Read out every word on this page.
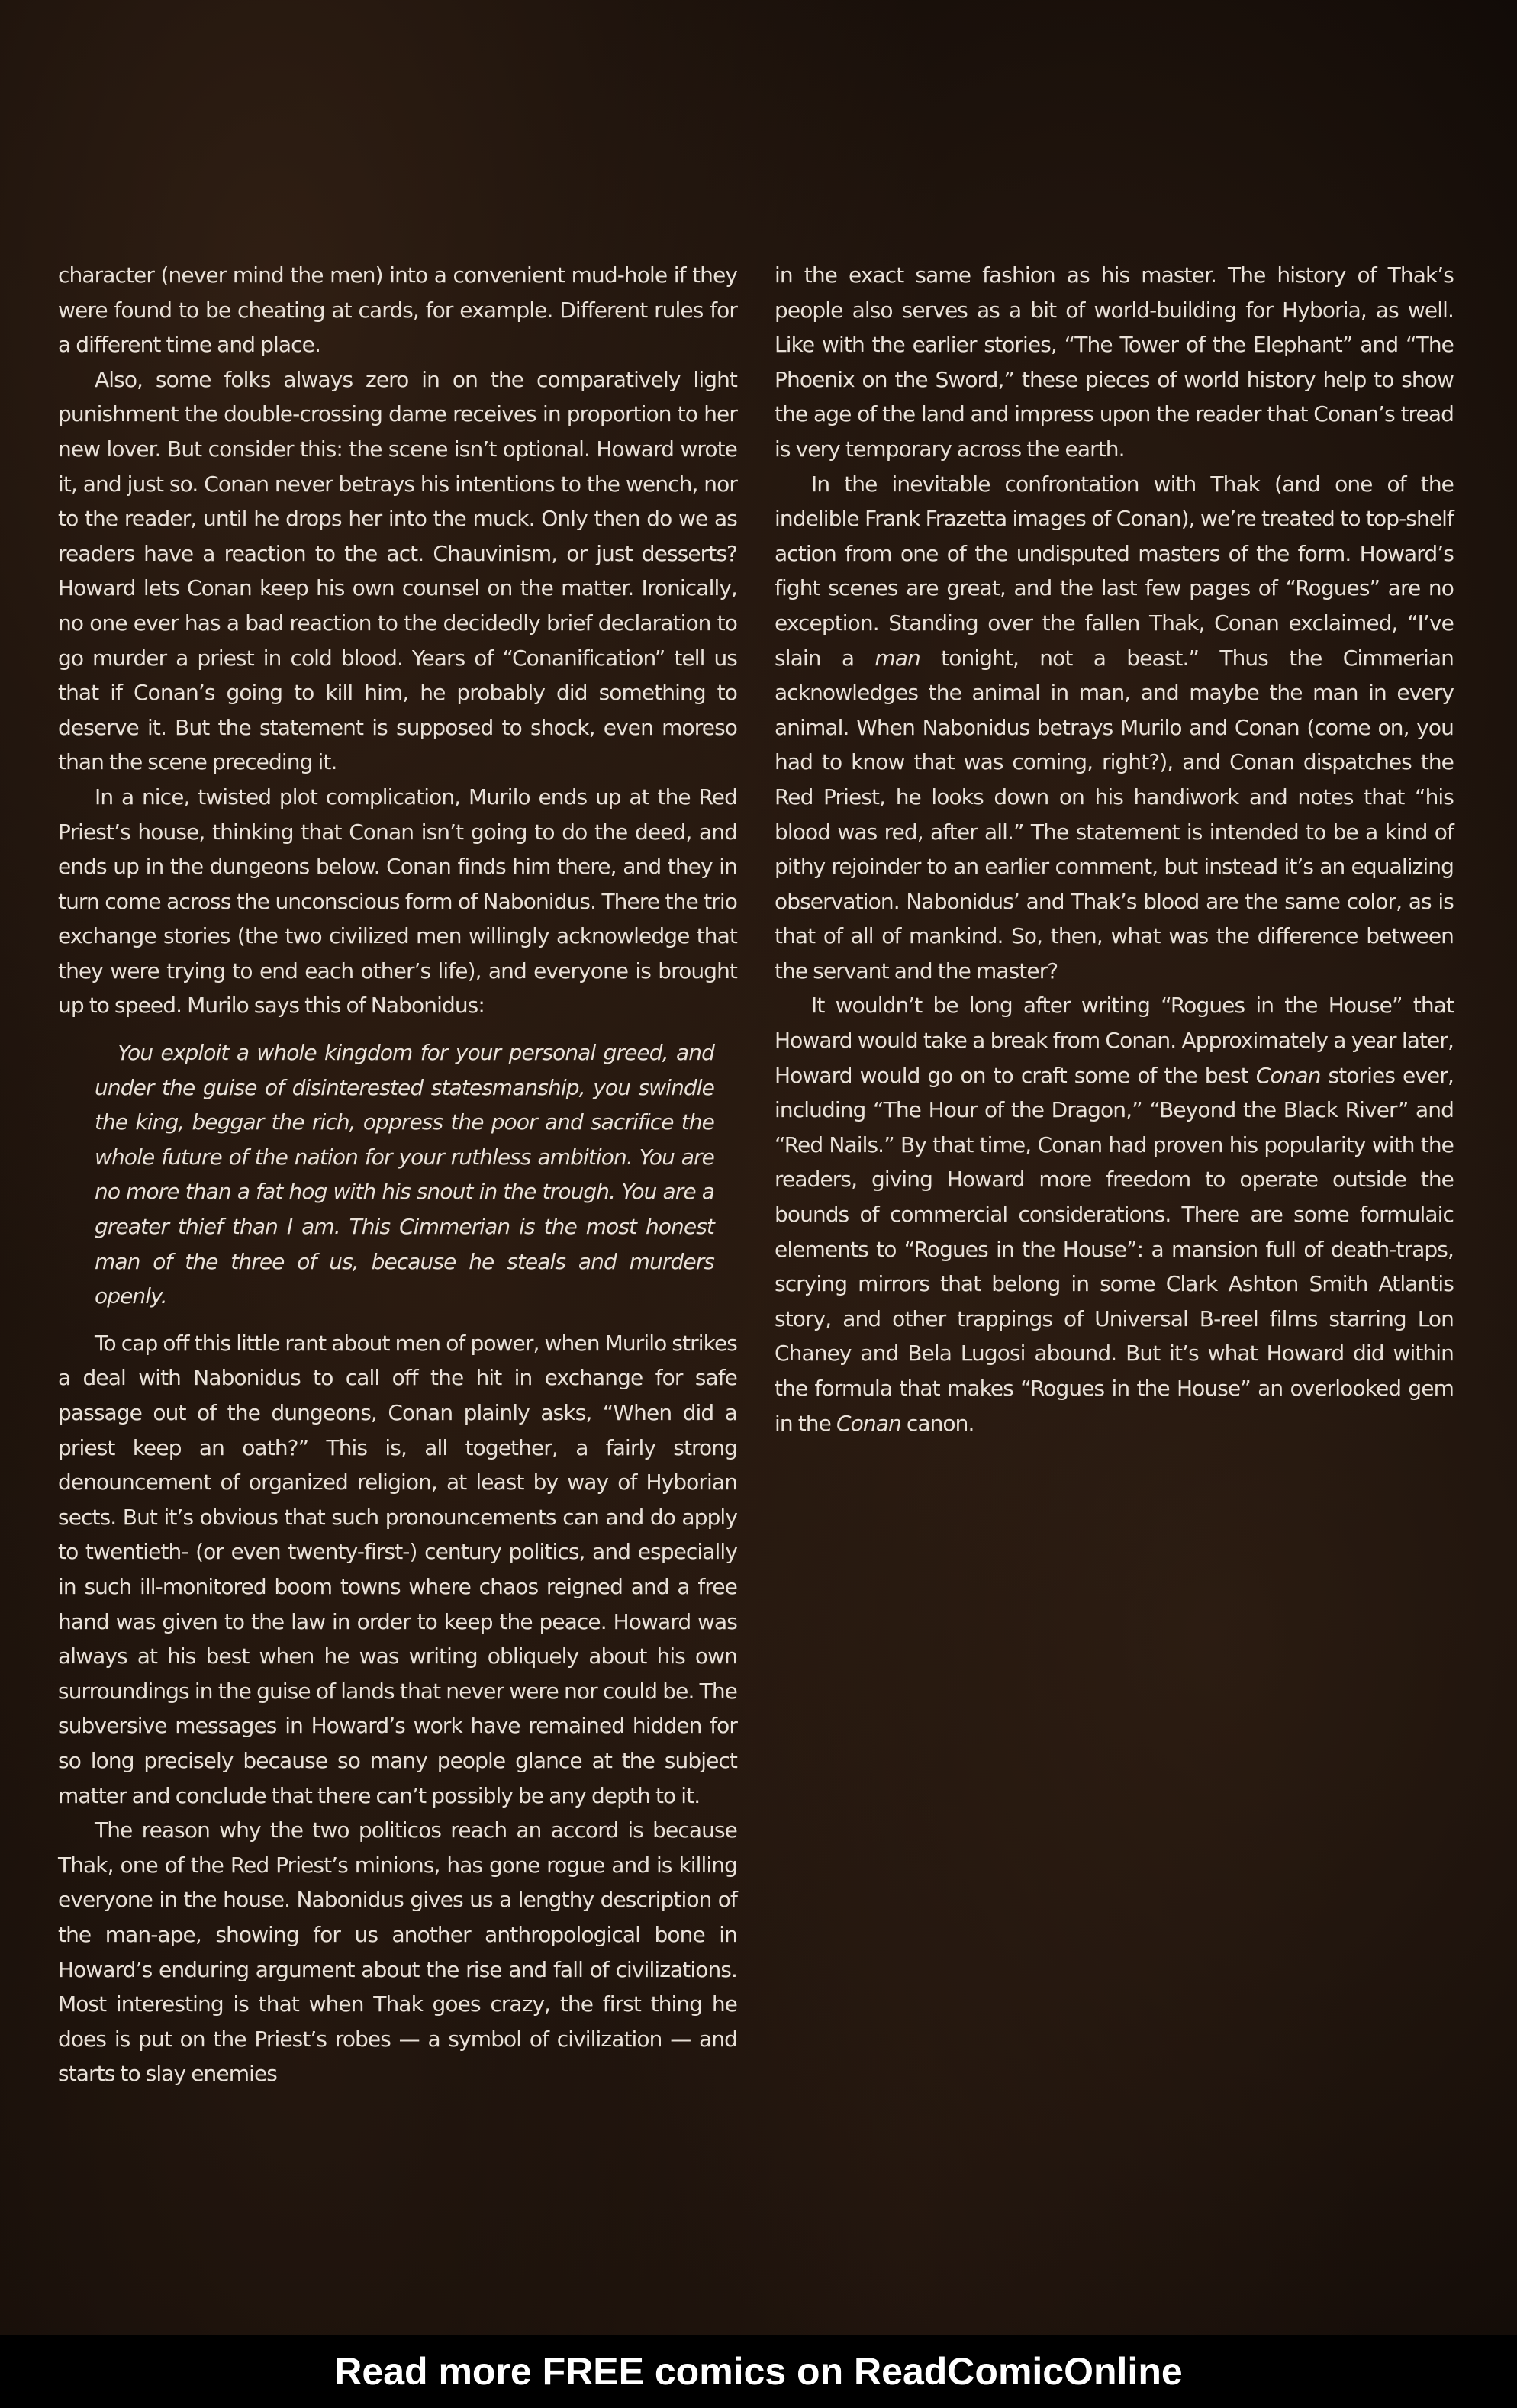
character (never mind the men) into a convenient mud-hole if they were found to be cheating at cards, for example. Different rules for a different time and place.

Also, some folks always zero in on the comparatively light punishment the double-crossing dame receives in proportion to her new lover. But consider this: the scene isn’t optional. Howard wrote it, and just so. Conan never betrays his intentions to the wench, nor to the reader, until he drops her into the muck. Only then do we as readers have a reaction to the act. Chauvinism, or just desserts? Howard lets Conan keep his own counsel on the matter. Ironically, no one ever has a bad reaction to the decidedly brief declaration to go murder a priest in cold blood. Years of “Conanification” tell us that if Conan’s going to kill him, he probably did something to deserve it. But the statement is supposed to shock, even moreso than the scene preceding it.

In a nice, twisted plot complication, Murilo ends up at the Red Priest’s house, thinking that Conan isn’t going to do the deed, and ends up in the dungeons below. Conan finds him there, and they in turn come across the unconscious form of Nabonidus. There the trio exchange stories (the two civilized men willingly acknowledge that they were trying to end each other’s life), and everyone is brought up to speed. Murilo says this of Nabonidus:

You exploit a whole kingdom for your personal greed, and under the guise of disinterested statesmanship, you swindle the king, beggar the rich, oppress the poor and sacrifice the whole future of the nation for your ruthless ambition. You are no more than a fat hog with his snout in the trough. You are a greater thief than I am. This Cimmerian is the most honest man of the three of us, because he steals and murders openly.

To cap off this little rant about men of power, when Murilo strikes a deal with Nabonidus to call off the hit in exchange for safe passage out of the dungeons, Conan plainly asks, “When did a priest keep an oath?” This is, all together, a fairly strong denouncement of organized religion, at least by way of Hyborian sects. But it’s obvious that such pronouncements can and do apply to twentieth- (or even twenty-first-) century politics, and especially in such ill-monitored boom towns where chaos reigned and a free hand was given to the law in order to keep the peace. Howard was always at his best when he was writing obliquely about his own surroundings in the guise of lands that never were nor could be. The subversive messages in Howard’s work have remained hidden for so long precisely because so many people glance at the subject matter and conclude that there can’t possibly be any depth to it.

The reason why the two politicos reach an accord is because Thak, one of the Red Priest’s minions, has gone rogue and is killing everyone in the house. Nabonidus gives us a lengthy description of the man-ape, showing for us another anthropological bone in Howard’s enduring argument about the rise and fall of civilizations. Most interesting is that when Thak goes crazy, the first thing he does is put on the Priest’s robes — a symbol of civilization — and starts to slay enemies

in the exact same fashion as his master. The history of Thak’s people also serves as a bit of world-building for Hyboria, as well. Like with the earlier stories, “The Tower of the Elephant” and “The Phoenix on the Sword,” these pieces of world history help to show the age of the land and impress upon the reader that Conan’s tread is very temporary across the earth.

In the inevitable confrontation with Thak (and one of the indelible Frank Frazetta images of Conan), we’re treated to top-shelf action from one of the undisputed masters of the form. Howard’s fight scenes are great, and the last few pages of “Rogues” are no exception. Standing over the fallen Thak, Conan exclaimed, “I’ve slain a man tonight, not a beast.” Thus the Cimmerian acknowledges the animal in man, and maybe the man in every animal. When Nabonidus betrays Murilo and Conan (come on, you had to know that was coming, right?), and Conan dispatches the Red Priest, he looks down on his handiwork and notes that “his blood was red, after all.” The statement is intended to be a kind of pithy rejoinder to an earlier comment, but instead it’s an equalizing observation. Nabonidus’ and Thak’s blood are the same color, as is that of all of mankind. So, then, what was the difference between the servant and the master?

It wouldn’t be long after writing “Rogues in the House” that Howard would take a break from Conan. Approximately a year later, Howard would go on to craft some of the best Conan stories ever, including “The Hour of the Dragon,” “Beyond the Black River” and “Red Nails.” By that time, Conan had proven his popularity with the readers, giving Howard more freedom to operate outside the bounds of commercial considerations. There are some formulaic elements to “Rogues in the House”: a mansion full of death-traps, scrying mirrors that belong in some Clark Ashton Smith Atlantis story, and other trappings of Universal B-reel films starring Lon Chaney and Bela Lugosi abound. But it’s what Howard did within the formula that makes “Rogues in the House” an overlooked gem in the Conan canon.

Read more FREE comics on ReadComicOnline
